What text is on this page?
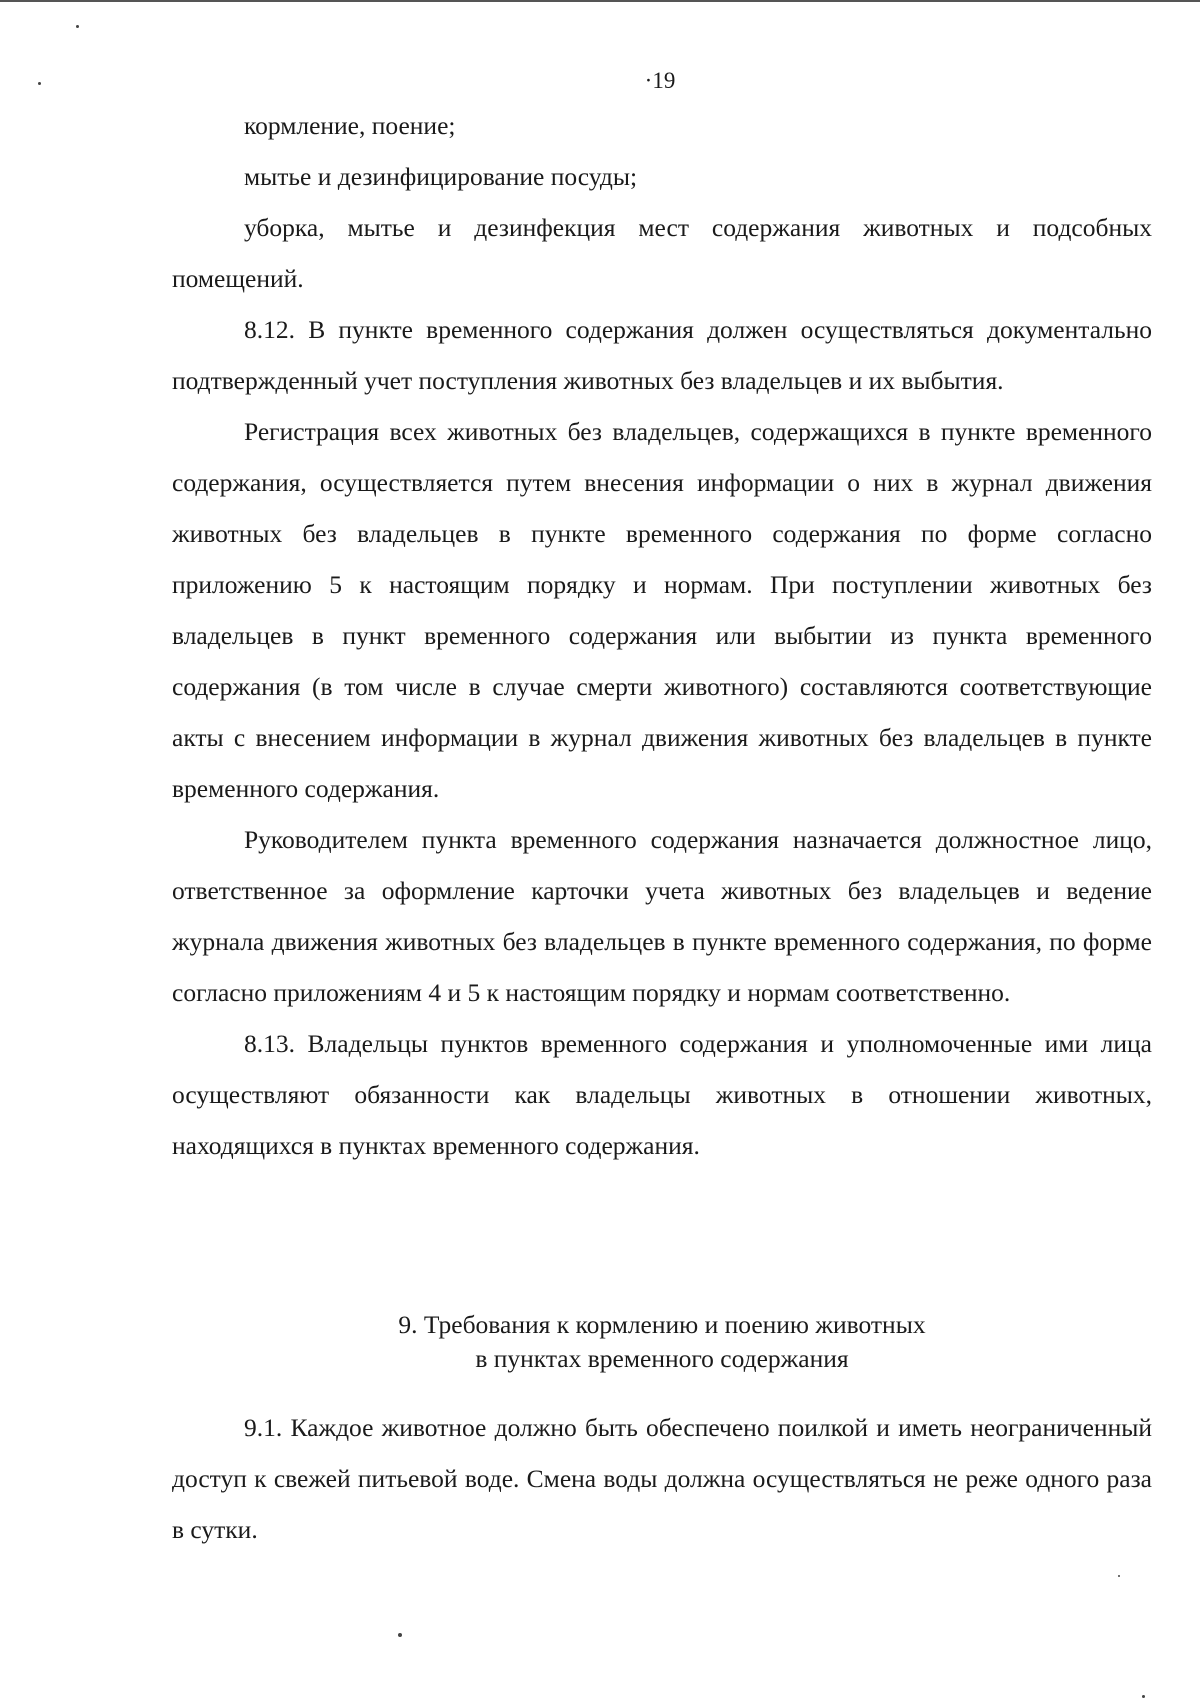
·19

кормление, поение;

мытье и дезинфицирование посуды;

уборка, мытье и дезинфекция мест содержания животных и подсобных помещений.

8.12. В пункте временного содержания должен осуществляться документально подтвержденный учет поступления животных без владельцев и их выбытия.

Регистрация всех животных без владельцев, содержащихся в пункте временного содержания, осуществляется путем внесения информации о них в журнал движения животных без владельцев в пункте временного содержания по форме согласно приложению 5 к настоящим порядку и нормам. При поступлении животных без владельцев в пункт временного содержания или выбытии из пункта временного содержания (в том числе в случае смерти животного) составляются соответствующие акты с внесением информации в журнал движения животных без владельцев в пункте временного содержания.

Руководителем пункта временного содержания назначается должностное лицо, ответственное за оформление карточки учета животных без владельцев и ведение журнала движения животных без владельцев в пункте временного содержания, по форме согласно приложениям 4 и 5 к настоящим порядку и нормам соответственно.

8.13. Владельцы пунктов временного содержания и уполномоченные ими лица осуществляют обязанности как владельцы животных в отношении животных, находящихся в пунктах временного содержания.

9. Требования к кормлению и поению животных
в пунктах временного содержания

9.1. Каждое животное должно быть обеспечено поилкой и иметь неограниченный доступ к свежей питьевой воде. Смена воды должна осуществляться не реже одного раза в сутки.
